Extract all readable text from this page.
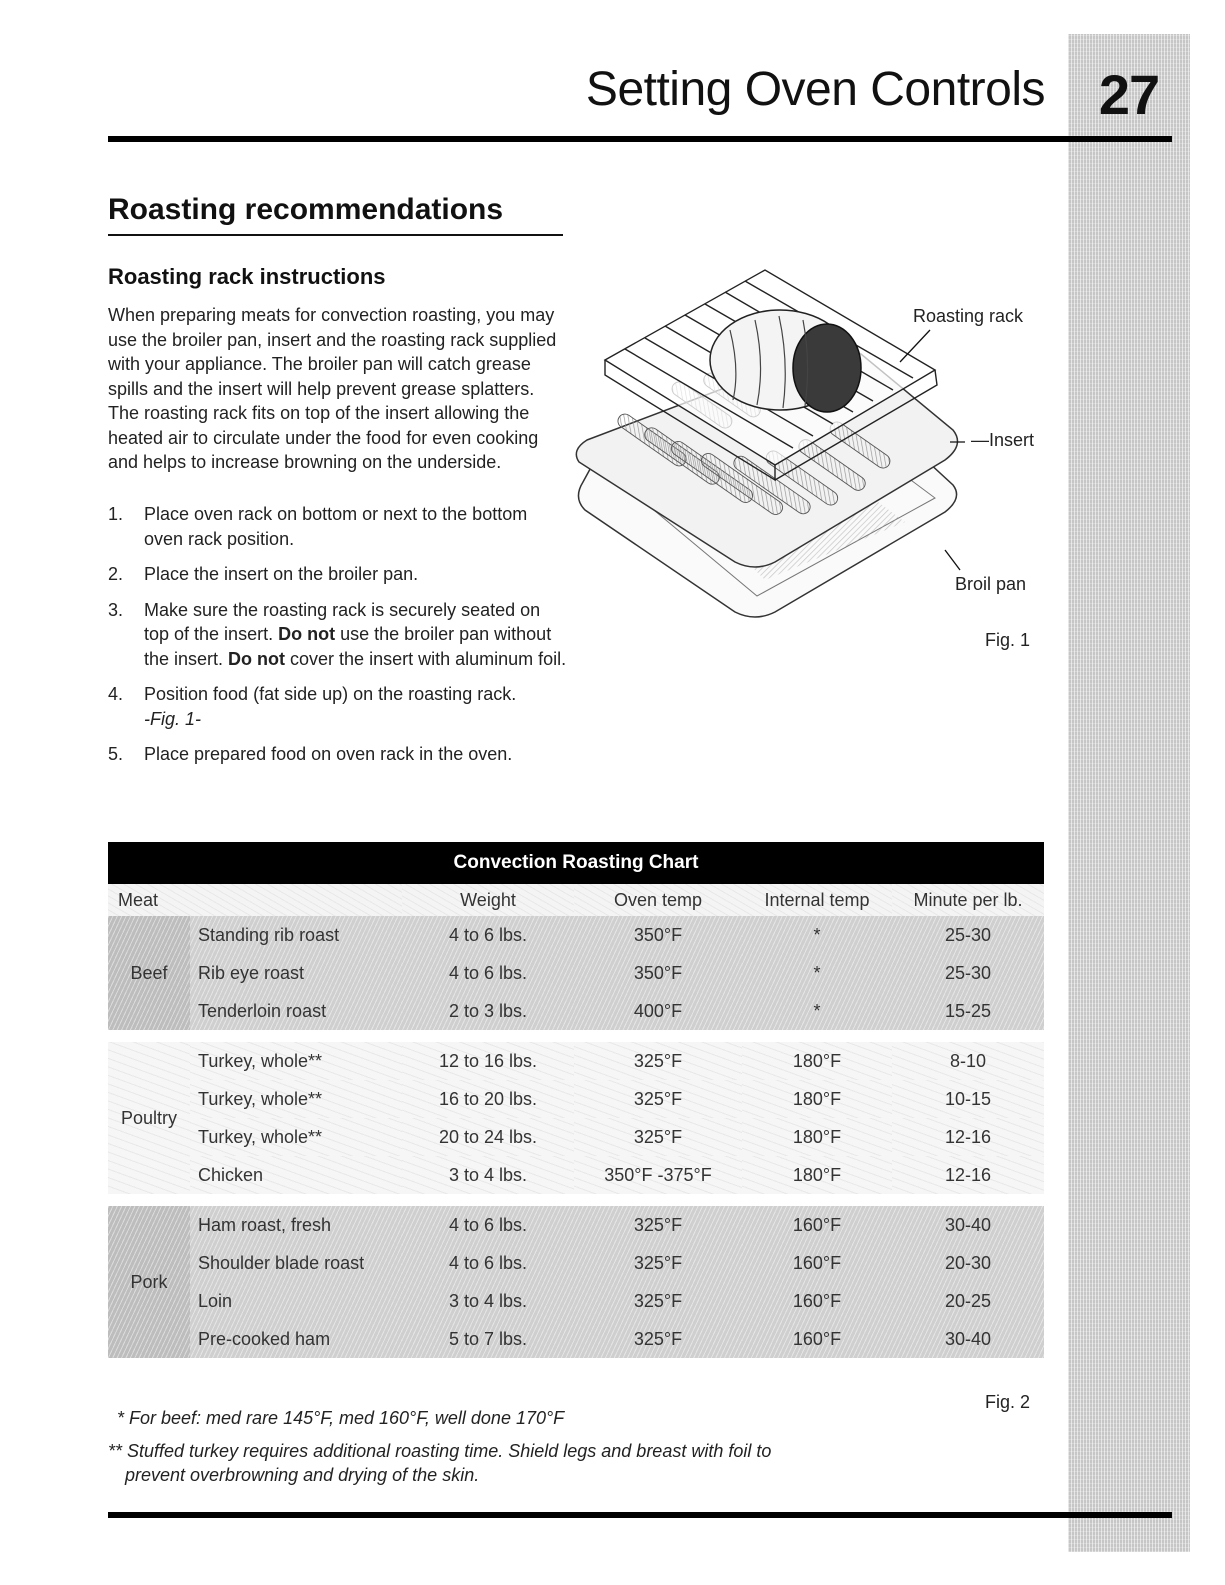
27
Setting Oven Controls
Roasting recommendations
Roasting rack instructions

When preparing meats for convection roasting, you may use the broiler pan, insert and the roasting rack supplied with your appliance. The broiler pan will catch grease spills and the insert will help prevent grease splatters. The roasting rack fits on top of the insert allowing the heated air to circulate under the food for even cooking and helps to increase browning on the underside.

1. Place oven rack on bottom or next to the bottom oven rack position.
2. Place the insert on the broiler pan.
3. Make sure the roasting rack is securely seated on top of the insert. Do not use the broiler pan without the insert. Do not cover the insert with aluminum foil.
4. Position food (fat side up) on the roasting rack.
-Fig. 1-
5. Place prepared food on oven rack in the oven.
Roasting rack
—Insert
Broil pan
Fig. 1
Convection Roasting Chart					
Meat		Weight	Oven temp	Internal temp	Minute per lb.
Beef	Standing rib roast	4 to 6 lbs.	350°F	*	25-30
	Rib eye roast	4 to 6 lbs.	350°F	*	25-30
	Tenderloin roast	2 to 3 lbs.	400°F	*	15-25

Poultry	Turkey, whole**	12 to 16 lbs.	325°F	180°F	8-10
	Turkey, whole**	16 to 20 lbs.	325°F	180°F	10-15
	Turkey, whole**	20 to 24 lbs.	325°F	180°F	12-16
	Chicken	3 to 4 lbs.	350°F -375°F	180°F	12-16

Pork	Ham roast, fresh	4 to 6 lbs.	325°F	160°F	30-40
	Shoulder blade roast	4 to 6 lbs.	325°F	160°F	20-30
	Loin	3 to 4 lbs.	325°F	160°F	20-25
	Pre-cooked ham	5 to 7 lbs.	325°F	160°F	30-40
Fig. 2
* For beef: med rare 145°F, med 160°F, well done 170°F
** Stuffed turkey requires additional roasting time. Shield legs and breast with foil to
prevent overbrowning and drying of the skin.
